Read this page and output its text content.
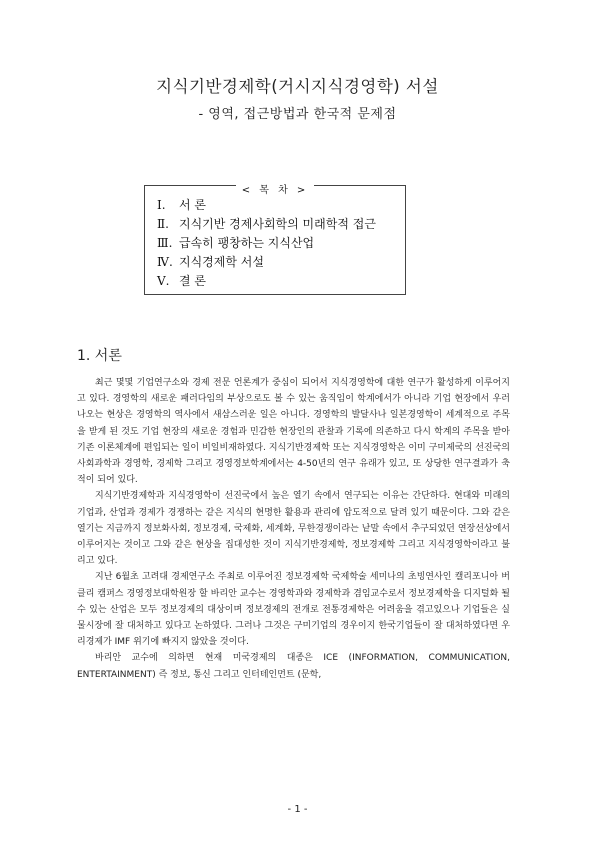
지식기반경제학(거시지식경영학) 서설
- 영역, 접근방법과 한국적 문제점
< 목 차 >
Ⅰ. 서 론
Ⅱ. 지식기반 경제사회학의 미래학적 접근
Ⅲ. 급속히 팽창하는 지식산업
Ⅳ. 지식경제학 서설
Ⅴ. 결 론
1. 서론

최근 몇몇 기업연구소와 경제 전문 언론계가 중심이 되어서 지식경영학에 대한 연구가 활성하게 이루어지고 있다. 경영학의 새로운 패러다임의 부상으로도 볼 수 있는 움직임이 학계에서가 아니라 기업 현장에서 우러나오는 현상은 경영학의 역사에서 새삼스러운 일은 아니다. 경영학의 발달사나 일본경영학이 세계적으로 주목을 받게 된 것도 기업 현장의 새로운 경험과 민감한 현장인의 관찰과 기록에 의존하고 다시 학계의 주목을 받아 기존 이론체계에 편입되는 일이 비일비재하였다. 지식기반경제학 또는 지식경영학은 이미 구미제국의 선진국의 사회과학과 경영학, 경제학 그리고 경영정보학계에서는 4-50년의 연구 유래가 있고, 또 상당한 연구결과가 축적이 되어 있다.

지식기반경제학과 지식경영학이 선진국에서 높은 열기 속에서 연구되는 이유는 간단하다. 현대와 미래의 기업과, 산업과 경제가 경쟁하는 같은 지식의 현명한 활용과 관리에 압도적으로 달려 있기 때문이다. 그와 같은 열기는 지금까지 정보화사회, 정보경제, 국제화, 세계화, 무한경쟁이라는 낱말 속에서 추구되었던 연장선상에서 이루어지는 것이고 그와 같은 현상을 집대성한 것이 지식기반경제학, 정보경제학 그리고 지식경영학이라고 불리고 있다.

지난 6월초 고려대 경제연구소 주최로 이루어진 정보경제학 국제학술 세미나의 초빙연사인 캘리포니아 버클리 캠퍼스 경영정보대학원장 할 바리안 교수는 경영학과와 경제학과 겸임교수로서 정보경제학을 디지털화 될 수 있는 산업은 모두 정보경제의 대상이며 정보경제의 전개로 전통경제학은 어려움을 겪고있으나 기업들은 실물시장에 잘 대처하고 있다고 논하였다. 그러나 그것은 구미기업의 경우이지 한국기업들이 잘 대처하였다면 우리경제가 IMF 위기에 빠지지 않았을 것이다.

바리안 교수에 의하면 현재 미국경제의 대종은 ICE (INFORMATION, COMMUNICATION, ENTERTAINMENT) 즉 정보, 통신 그리고 인터테인먼트 (문학,

- 1 -
